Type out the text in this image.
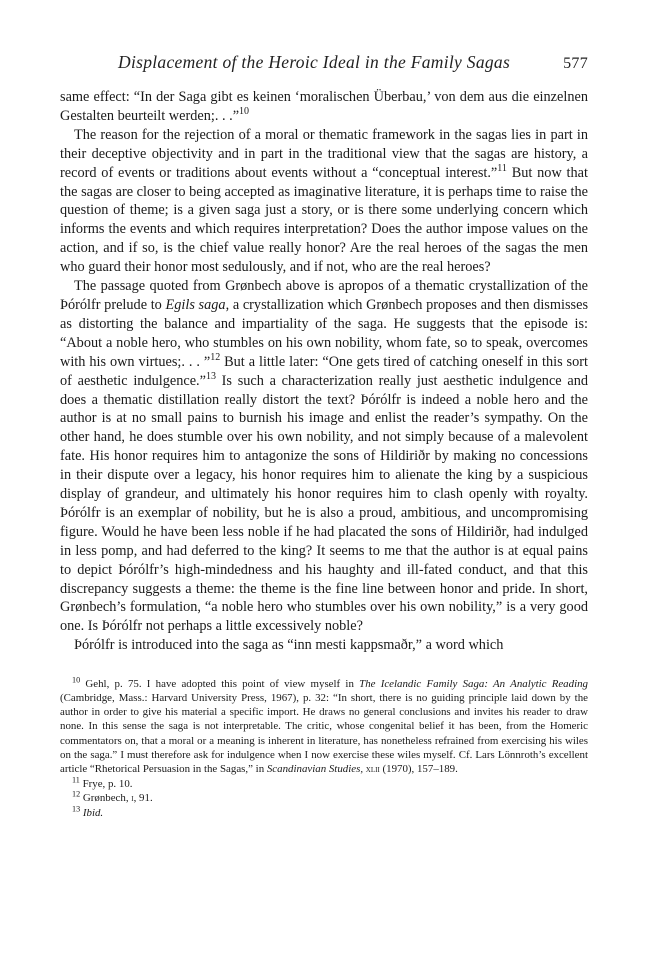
Displacement of the Heroic Ideal in the Family Sagas	577

same effect: “In der Saga gibt es keinen ‘moralischen Überbau,’ von dem aus die einzelnen Gestalten beurteilt werden;. . .”$^{10}$

The reason for the rejection of a moral or thematic framework in the sagas lies in part in their deceptive objectivity and in part in the traditional view that the sagas are history, a record of events or traditions about events without a “conceptual interest.”$^{11}$ But now that the sagas are closer to being accepted as imaginative literature, it is perhaps time to raise the question of theme; is a given saga just a story, or is there some underlying concern which informs the events and which requires interpretation? Does the author impose values on the action, and if so, is the chief value really honor? Are the real heroes of the sagas the men who guard their honor most sedulously, and if not, who are the real heroes?

The passage quoted from Grønbech above is apropos of a thematic crystallization of the Þórólfr prelude to Egils saga, a crystallization which Grønbech proposes and then dismisses as distorting the balance and impartiality of the saga. He suggests that the episode is: “About a noble hero, who stumbles on his own nobility, whom fate, so to speak, overcomes with his own virtues;. . . ”$^{12}$ But a little later: “One gets tired of catching oneself in this sort of aesthetic indulgence.”$^{13}$ Is such a characterization really just aesthetic indulgence and does a thematic distillation really distort the text? Þórólfr is indeed a noble hero and the author is at no small pains to burnish his image and enlist the reader’s sympathy. On the other hand, he does stumble over his own nobility, and not simply because of a malevolent fate. His honor requires him to antagonize the sons of Hildiriðr by making no concessions in their dispute over a legacy, his honor requires him to alienate the king by a suspicious display of grandeur, and ultimately his honor requires him to clash openly with royalty. Þórólfr is an exemplar of nobility, but he is also a proud, ambitious, and uncompromising figure. Would he have been less noble if he had placated the sons of Hildiriðr, had indulged in less pomp, and had deferred to the king? It seems to me that the author is at equal pains to depict Þórólfr’s high-mindedness and his haughty and ill-fated conduct, and that this discrepancy suggests a theme: the theme is the fine line between honor and pride. In short, Grønbech’s formulation, “a noble hero who stumbles over his own nobility,” is a very good one. Is Þórólfr not perhaps a little excessively noble?

Þórólfr is introduced into the saga as “inn mesti kappsmaðr,” a word which

$^{10}$ Gehl, p. 75. I have adopted this point of view myself in The Icelandic Family Saga: An Analytic Reading (Cambridge, Mass.: Harvard University Press, 1967), p. 32: “In short, there is no guiding principle laid down by the author in order to give his material a specific import. He draws no general conclusions and invites his reader to draw none. In this sense the saga is not interpretable. The critic, whose congenital belief it has been, from the Homeric commentators on, that a moral or a meaning is inherent in literature, has nonetheless refrained from exercising his wiles on the saga.” I must therefore ask for indulgence when I now exercise these wiles myself. Cf. Lars Lönnroth’s excellent article “Rhetorical Persuasion in the Sagas,” in Scandinavian Studies, xlii (1970), 157–189.

$^{11}$ Frye, p. 10.

$^{12}$ Grønbech, i, 91.

$^{13}$ Ibid.
